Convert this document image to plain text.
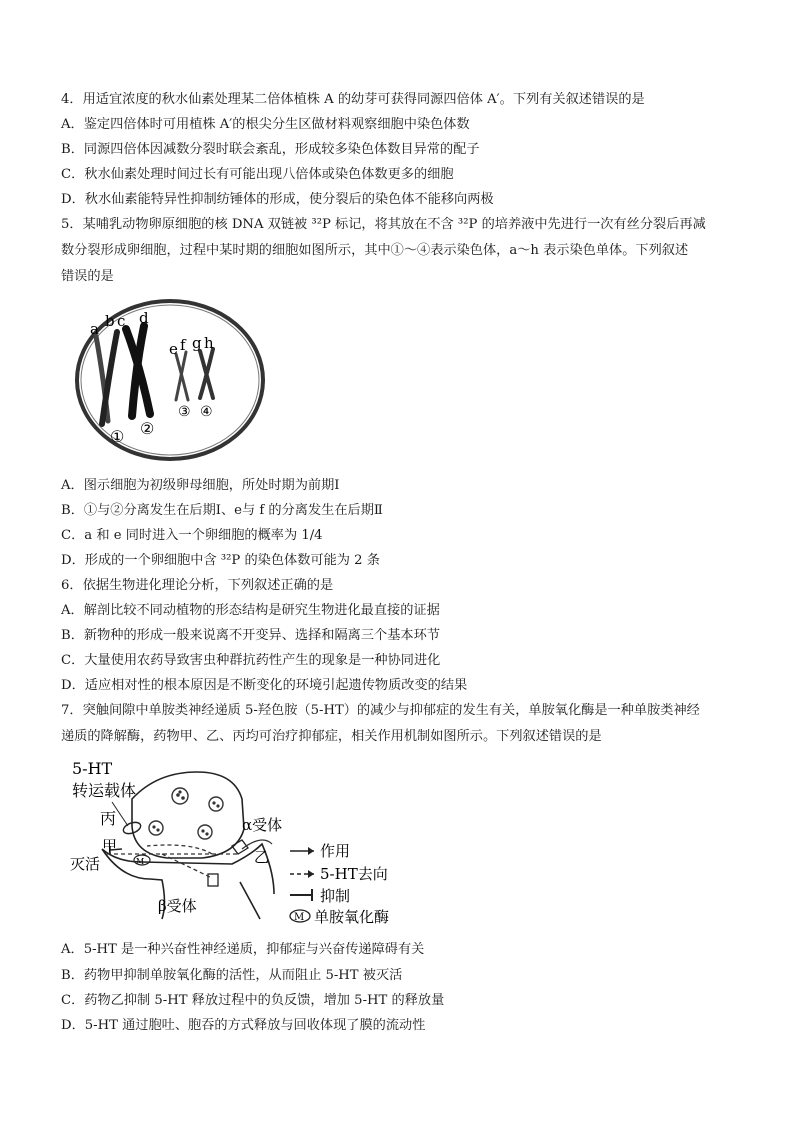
4．用适宜浓度的秋水仙素处理某二倍体植株 A 的幼芽可获得同源四倍体 A′。下列有关叙述错误的是
A．鉴定四倍体时可用植株 A′的根尖分生区做材料观察细胞中染色体数
B．同源四倍体因减数分裂时联会紊乱，形成较多染色体数目异常的配子
C．秋水仙素处理时间过长有可能出现八倍体或染色体数更多的细胞
D．秋水仙素能特异性抑制纺锤体的形成，使分裂后的染色体不能移向两极
5．某哺乳动物卵原细胞的核 DNA 双链被 ³²P 标记，将其放在不含 ³²P 的培养液中先进行一次有丝分裂后再减
数分裂形成卵细胞，过程中某时期的细胞如图所示，其中①～④表示染色体，a～h 表示染色单体。下列叙述
错误的是
a b c d
e f g h
① ②
③ ④
A．图示细胞为初级卵母细胞，所处时期为前期Ⅰ
B．①与②分离发生在后期Ⅰ、e与 f 的分离发生在后期Ⅱ
C．a 和 e 同时进入一个卵细胞的概率为 1/4
D．形成的一个卵细胞中含 ³²P 的染色体数可能为 2 条
6．依据生物进化理论分析，下列叙述正确的是
A．解剖比较不同动植物的形态结构是研究生物进化最直接的证据
B．新物种的形成一般来说离不开变异、选择和隔离三个基本环节
C．大量使用农药导致害虫种群抗药性产生的现象是一种协同进化
D．适应相对性的根本原因是不断变化的环境引起遗传物质改变的结果
7．突触间隙中单胺类神经递质 5-羟色胺（5-HT）的减少与抑郁症的发生有关，单胺氧化酶是一种单胺类神经
递质的降解酶，药物甲、乙、丙均可治疗抑郁症，相关作用机制如图所示。下列叙述错误的是
5-HT
转运载体
丙
甲
灭活	M
α受体
乙
β受体
作用
5-HT去向
抑制
M 单胺氧化酶
A．5-HT 是一种兴奋性神经递质，抑郁症与兴奋传递障碍有关
B．药物甲抑制单胺氧化酶的活性，从而阻止 5-HT 被灭活
C．药物乙抑制 5-HT 释放过程中的负反馈，增加 5-HT 的释放量
D．5-HT 通过胞吐、胞吞的方式释放与回收体现了膜的流动性
